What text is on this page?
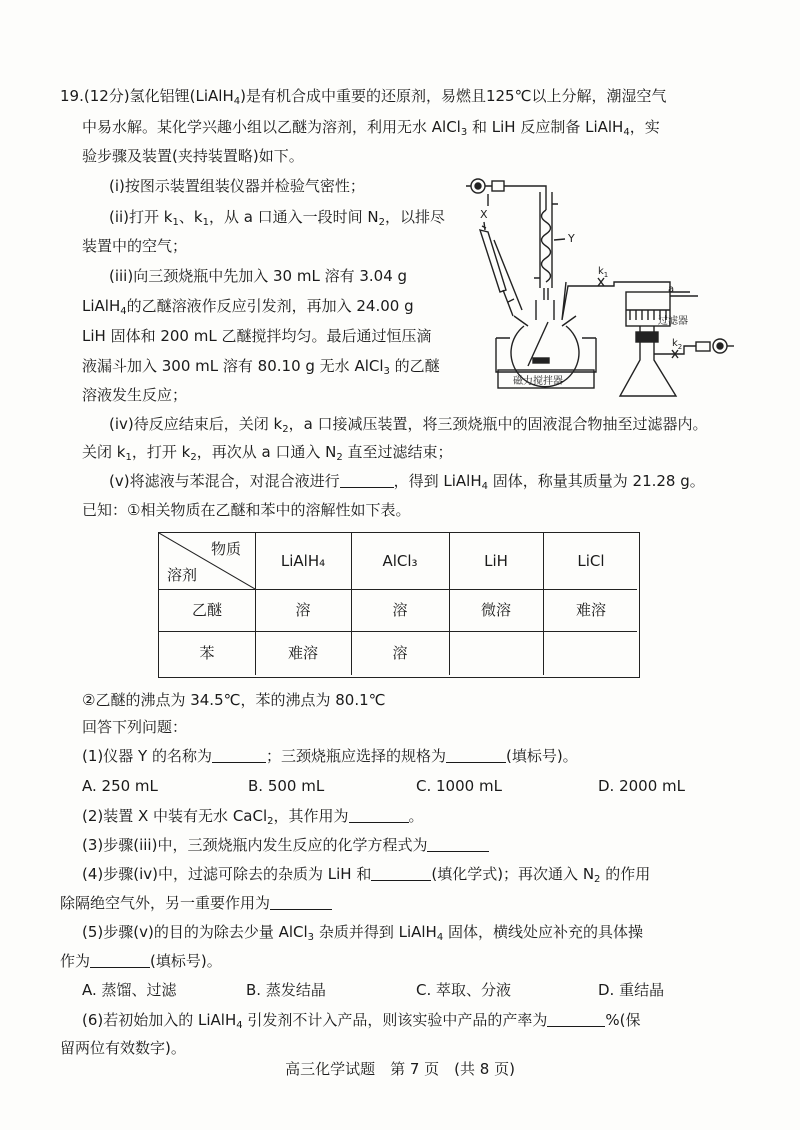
19.(12分)氢化铝锂(LiAlH$_4$)是有机合成中重要的还原剂，易燃且125℃以上分解，潮湿空气
中易水解。某化学兴趣小组以乙醚为溶剂，利用无水 AlCl$_3$ 和 LiH 反应制备 LiAlH$_4$，实
验步骤及装置(夹持装置略)如下。
(i)按图示装置组装仪器并检验气密性；
(ii)打开 $k_1$、$k_1$，从 a 口通入一段时间 $N_2$，以排尽
装置中的空气；
(iii)向三颈烧瓶中先加入 30 mL 溶有 3.04 g
LiAlH$_4$的乙醚溶液作反应引发剂，再加入 24.00 g
LiH 固体和 200 mL 乙醚搅拌均匀。最后通过恒压滴
液漏斗加入 300 mL 溶有 80.10 g 无水 AlCl$_3$ 的乙醚
溶液发生反应；
X
Y
磁力搅拌器
$k_1$
a
过滤器
$k_2$
(iv)待反应结束后，关闭 $k_2$，a 口接减压装置，将三颈烧瓶中的固液混合物抽至过滤器内。
关闭 $k_1$，打开 $k_2$，再次从 a 口通入 $N_2$ 直至过滤结束；
(v)将滤液与苯混合，对混合液进行	，得到 LiAlH$_4$ 固体，称量其质量为 21.28 g。
已知：①相关物质在乙醚和苯中的溶解性如下表。
物质
溶剂
LiAlH₄	AlCl₃	LiH	LiCl
乙醚	溶	溶	微溶	难溶
苯	难溶	溶
②乙醚的沸点为 34.5℃，苯的沸点为 80.1℃
回答下列问题：
(1)仪器 Y 的名称为	；三颈烧瓶应选择的规格为	(填标号)。
A. 250 mL	B. 500 mL	C. 1000 mL	D. 2000 mL
(2)装置 X 中装有无水 CaCl$_2$，其作用为	。
(3)步骤(iii)中，三颈烧瓶内发生反应的化学方程式为
(4)步骤(iv)中，过滤可除去的杂质为 LiH 和	(填化学式)；再次通入 $N_2$ 的作用
除隔绝空气外，另一重要作用为
(5)步骤(v)的目的为除去少量 AlCl$_3$ 杂质并得到 LiAlH$_4$ 固体，横线处应补充的具体操
作为	(填标号)。
A. 蒸馏、过滤	B. 蒸发结晶	C. 萃取、分液	D. 重结晶
(6)若初始加入的 LiAlH$_4$ 引发剂不计入产品，则该实验中产品的产率为	%(保
留两位有效数字)。
高三化学试题　第 7 页　(共 8 页)
